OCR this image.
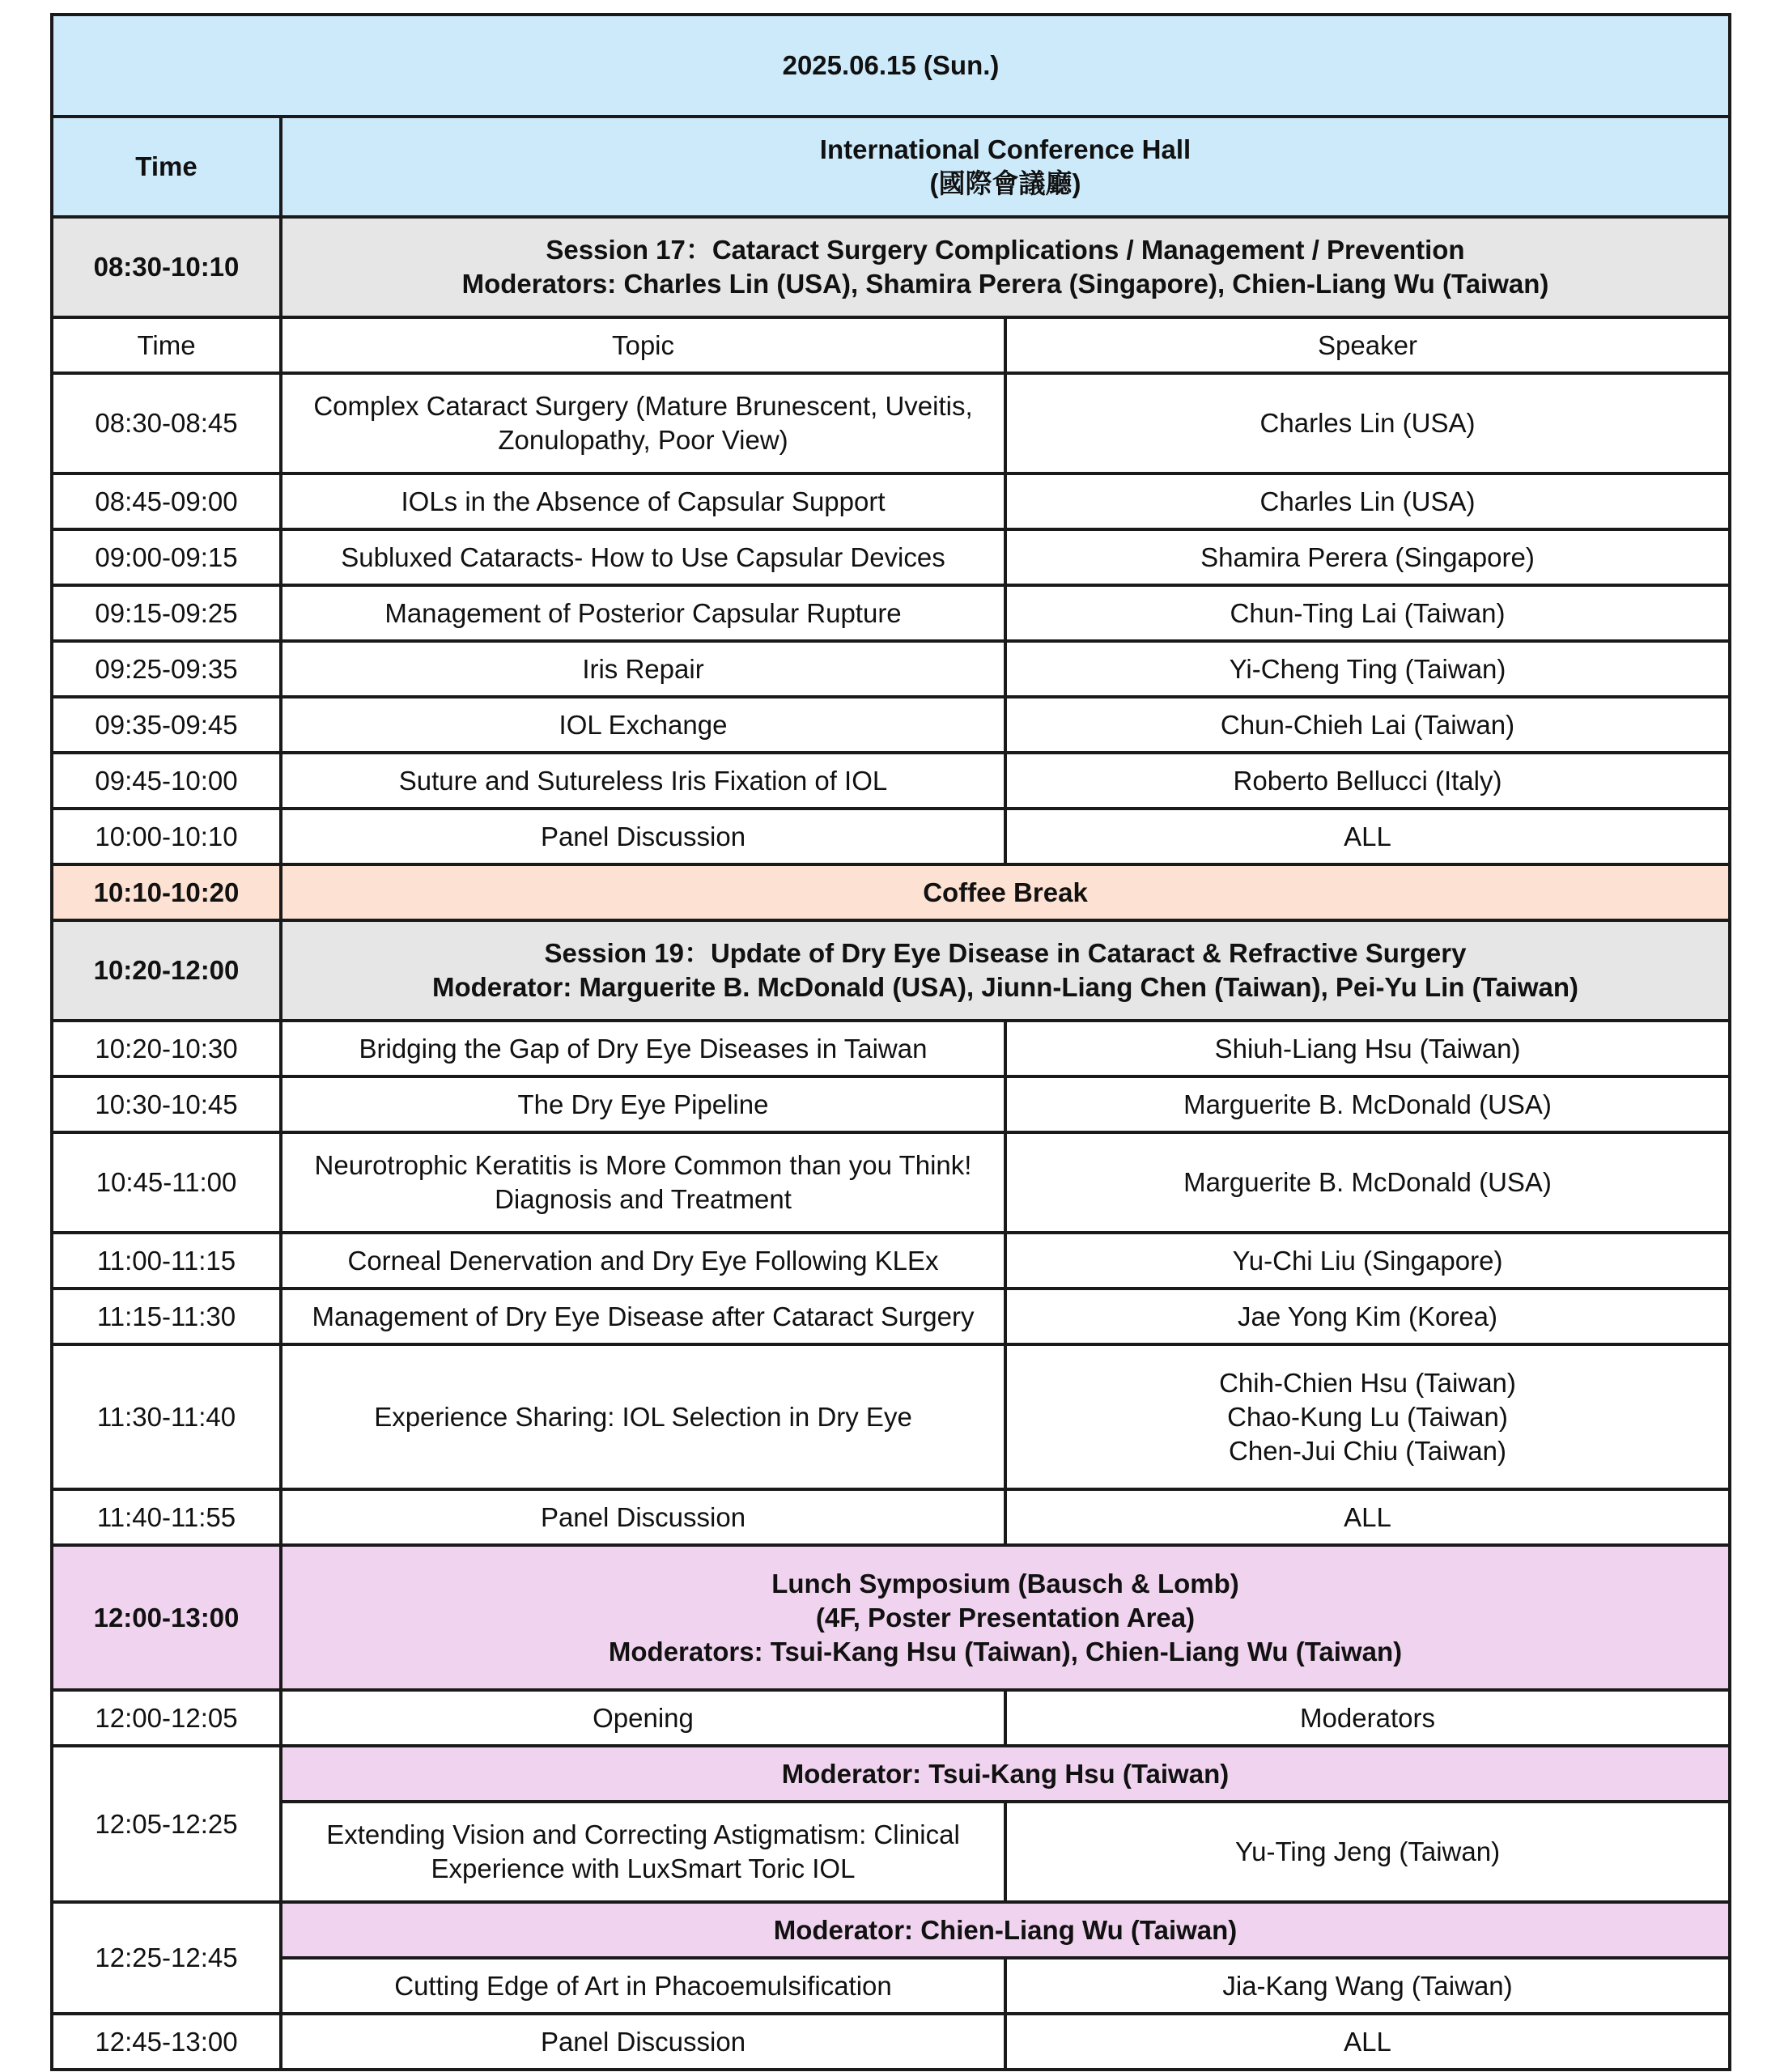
2025.06.15 (Sun.)		
Time	International Conference Hall
(國際會議廳)	

08:30-10:10	Session 17：Cataract Surgery Complications / Management / Prevention
Moderators: Charles Lin (USA), Shamira Perera (Singapore), Chien-Liang Wu (Taiwan)	

Time	Topic	Speaker
08:30-08:45	Complex Cataract Surgery (Mature Brunescent, Uveitis,
Zonulopathy, Poor View)	Charles Lin (USA)
08:45-09:00	IOLs in the Absence of Capsular Support	Charles Lin (USA)
09:00-09:15	Subluxed Cataracts- How to Use Capsular Devices	Shamira Perera (Singapore)
09:15-09:25	Management of Posterior Capsular Rupture	Chun-Ting Lai (Taiwan)
09:25-09:35	Iris Repair	Yi-Cheng Ting (Taiwan)
09:35-09:45	IOL Exchange	Chun-Chieh Lai (Taiwan)
09:45-10:00	Suture and Sutureless Iris Fixation of IOL	Roberto Bellucci (Italy)
10:00-10:10	Panel Discussion	ALL
10:10-10:20	Coffee Break	
10:20-12:00	Session 19：Update of Dry Eye Disease in Cataract & Refractive Surgery
Moderator: Marguerite B. McDonald (USA), Jiunn-Liang Chen (Taiwan), Pei-Yu Lin (Taiwan)	

10:20-10:30	Bridging the Gap of Dry Eye Diseases in Taiwan	Shiuh-Liang Hsu (Taiwan)
10:30-10:45	The Dry Eye Pipeline	Marguerite B. McDonald (USA)
10:45-11:00	Neurotrophic Keratitis is More Common than you Think!
Diagnosis and Treatment	Marguerite B. McDonald (USA)
11:00-11:15	Corneal Denervation and Dry Eye Following KLEx	Yu-Chi Liu (Singapore)
11:15-11:30	Management of Dry Eye Disease after Cataract Surgery	Jae Yong Kim (Korea)
11:30-11:40	Experience Sharing: IOL Selection in Dry Eye	Chih-Chien Hsu (Taiwan)
Chao-Kung Lu (Taiwan)
Chen-Jui Chiu (Taiwan)

11:40-11:55	Panel Discussion	ALL
12:00-13:00	Lunch Symposium (Bausch & Lomb)
(4F, Poster Presentation Area)
Moderators: Tsui-Kang Hsu (Taiwan), Chien-Liang Wu (Taiwan)	

12:00-12:05	Opening	Moderators
12:05-12:25	Moderator: Tsui-Kang Hsu (Taiwan)	

	Extending Vision and Correcting Astigmatism: Clinical
Experience with LuxSmart Toric IOL	Yu-Ting Jeng (Taiwan)
12:25-12:45	Moderator: Chien-Liang Wu (Taiwan)	
	Cutting Edge of Art in Phacoemulsification	Jia-Kang Wang (Taiwan)
12:45-13:00	Panel Discussion	ALL
